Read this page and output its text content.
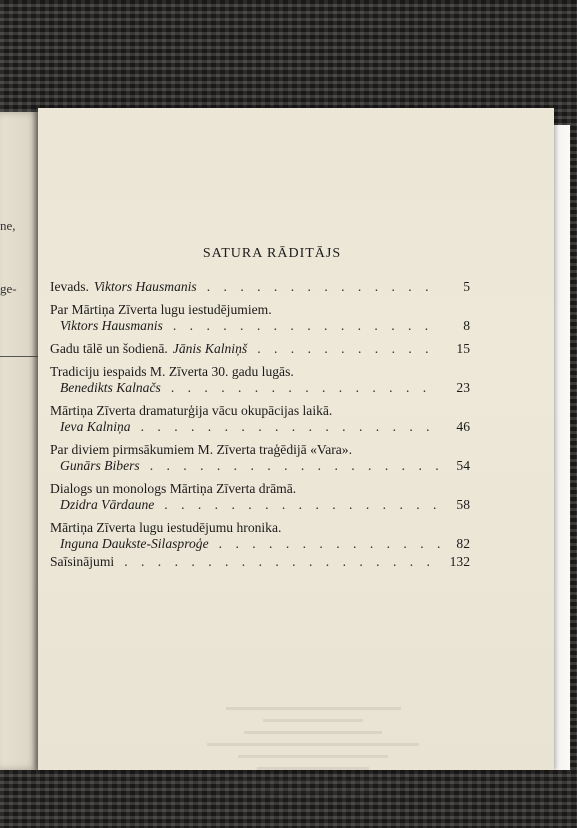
ne,
ge-
SATURA RĀDITĀJS
Ievads. Viktors Hausmanis . . .	5
Par Mārtiņa Zīverta lugu iestudējumiem.
Viktors Hausmanis . . .	8
Gadu tālē un šodienā. Jānis Kalniņš . . .	15
Tradiciju iespaids M. Zīverta 30. gadu lugās.
Benedikts Kalnačs . . .	23
Mārtiņa Zīverta dramaturģija vācu okupācijas laikā.
Ieva Kalniņa . . .	46
Par diviem pirmsākumiem M. Zīverta traģēdijā «Vara».
Gunārs Bibers . . .	54
Dialogs un monologs Mārtiņa Zīverta drāmā.
Dzidra Vārdaune . . .	58
Mārtiņa Zīverta lugu iestudējumu hronika.
Inguna Daukste-Silasproģe . . .	82
Saīsinājumi . . .	132
